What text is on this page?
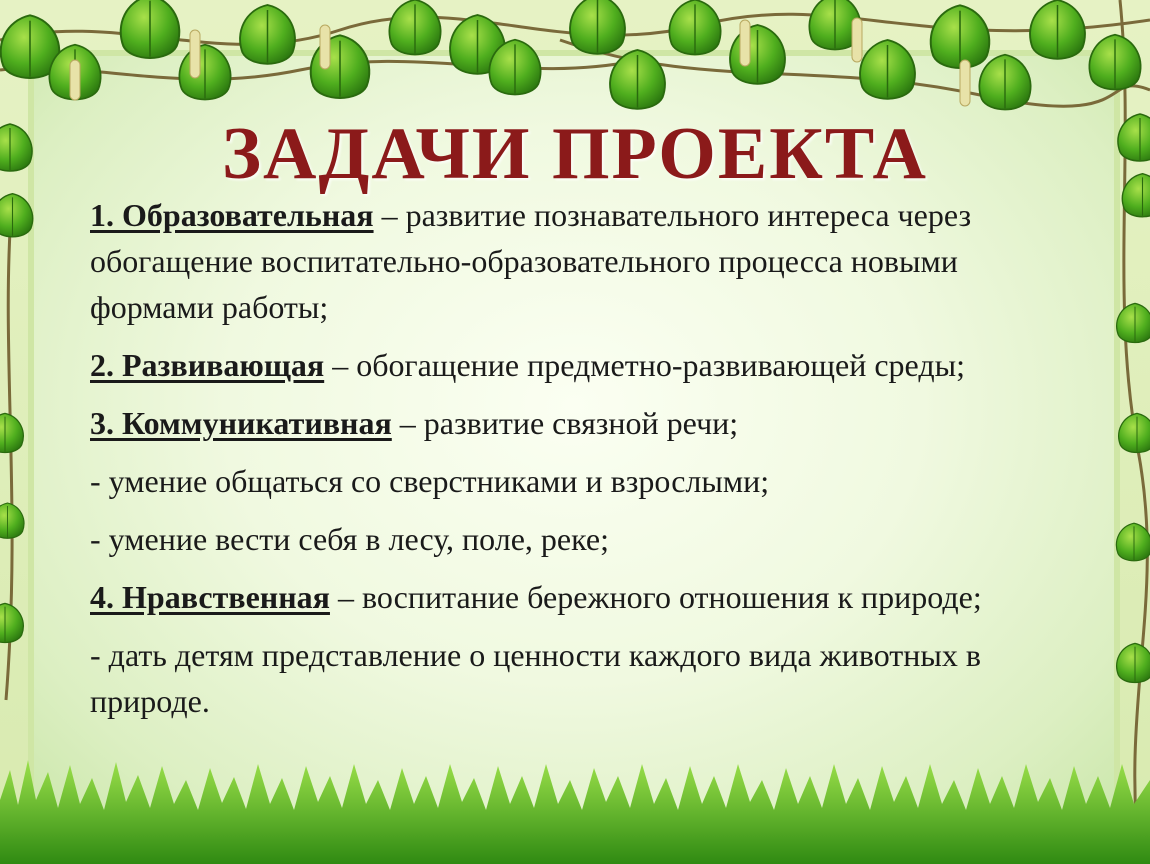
ЗАДАЧИ ПРОЕКТА

1. Образовательная – развитие познавательного интереса через обогащение воспитательно-образовательного процесса новыми формами работы;

2. Развивающая – обогащение предметно-развивающей среды;

3. Коммуникативная – развитие связной речи;

- умение общаться со сверстниками и взрослыми;

- умение вести себя в лесу, поле, реке;

4. Нравственная – воспитание бережного отношения к природе;

- дать детям представление о ценности каждого вида животных в природе.
